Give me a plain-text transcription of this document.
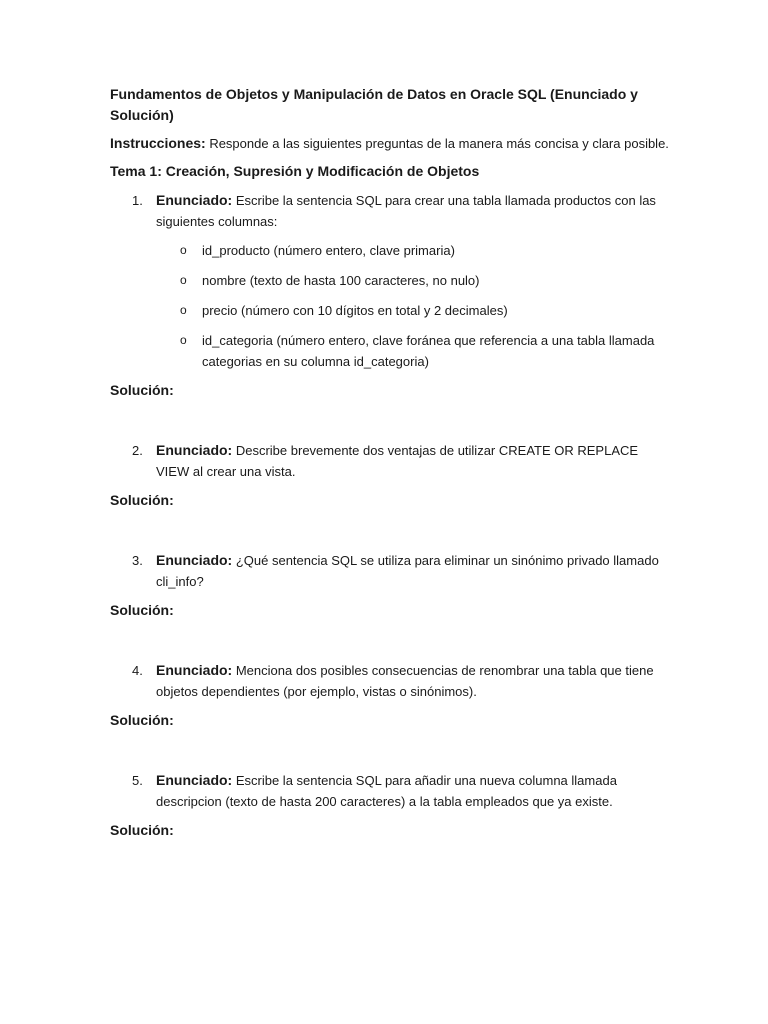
Fundamentos de Objetos y Manipulación de Datos en Oracle SQL (Enunciado y Solución)

Instrucciones: Responde a las siguientes preguntas de la manera más concisa y clara posible.

Tema 1: Creación, Supresión y Modificación de Objetos

1. Enunciado: Escribe la sentencia SQL para crear una tabla llamada productos con las siguientes columnas:
o	id_producto (número entero, clave primaria)
o	nombre (texto de hasta 100 caracteres, no nulo)
o	precio (número con 10 dígitos en total y 2 decimales)
o	id_categoria (número entero, clave foránea que referencia a una tabla llamada categorias en su columna id_categoria)

Solución:

2. Enunciado: Describe brevemente dos ventajas de utilizar CREATE OR REPLACE VIEW al crear una vista.

Solución:

3. Enunciado: ¿Qué sentencia SQL se utiliza para eliminar un sinónimo privado llamado cli_info?

Solución:

4. Enunciado: Menciona dos posibles consecuencias de renombrar una tabla que tiene objetos dependientes (por ejemplo, vistas o sinónimos).

Solución:

5. Enunciado: Escribe la sentencia SQL para añadir una nueva columna llamada descripcion (texto de hasta 200 caracteres) a la tabla empleados que ya existe.

Solución:
